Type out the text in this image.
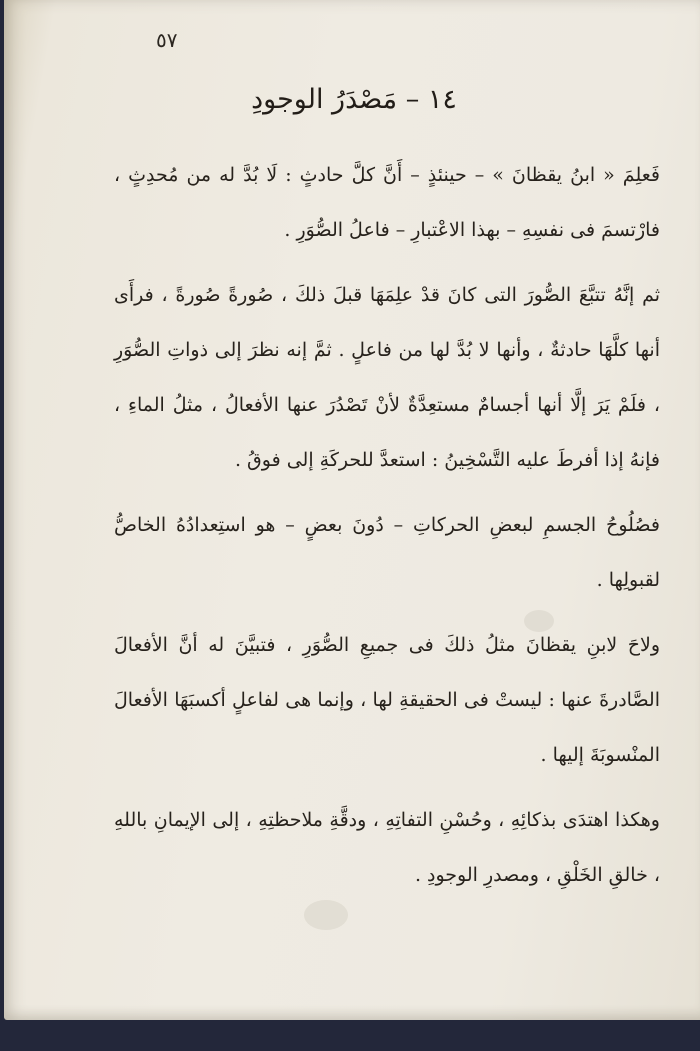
٥٧
١٤ – مَصْدَرُ الوجودِ

فَعلِمَ « ابنُ يقظانَ » – حينئذٍ – أَنَّ كلَّ حادثٍ : لَا بُدَّ له من مُحدِثٍ ، فارْتسمَ فى نفسِهِ – بهذا الاعْتبارِ – فاعلُ الصُّوَرِ .

ثم إنَّهُ تتبَّعَ الصُّورَ التى كانَ قدْ علِمَهَا قبلَ ذلكَ ، صُورةً صُورةً ، فرأَى أنها كلَّهَا حادثةٌ ، وأنها لا بُدَّ لها من فاعلٍ . ثمَّ إنه نظرَ إلى ذواتِ الصُّوَرِ ، فلَمْ يَرَ إلَّا أنها أجسامٌ مستعِدَّةٌ لأنْ تَصْدُرَ عنها الأفعالُ ، مثلُ الماءِ ، فإنهُ إذا أفرطَ عليه التَّسْخِينُ : استعدَّ للحركَةِ إلى فوقُ .

فصُلُوحُ الجسمِ لبعضِ الحركاتِ – دُونَ بعضٍ – هو استِعدادُهُ الخاصُّ لقبولِها .

ولاحَ لابنِ يقظانَ مثلُ ذلكَ فى جميعِ الصُّوَرِ ، فتبيَّنَ له أنَّ الأفعالَ الصَّادرةَ عنها : ليستْ فى الحقيقةِ لها ، وإنما هى لفاعلٍ أكسبَهَا الأفعالَ المنْسوبَةَ إليها .

وهكذا اهتدَى بذكائِهِ ، وحُسْنِ التفاتِهِ ، ودقَّةِ ملاحظتِهِ ، إلى الإيمانِ باللهِ ، خالقِ الخَلْقِ ، ومصدرِ الوجودِ .
